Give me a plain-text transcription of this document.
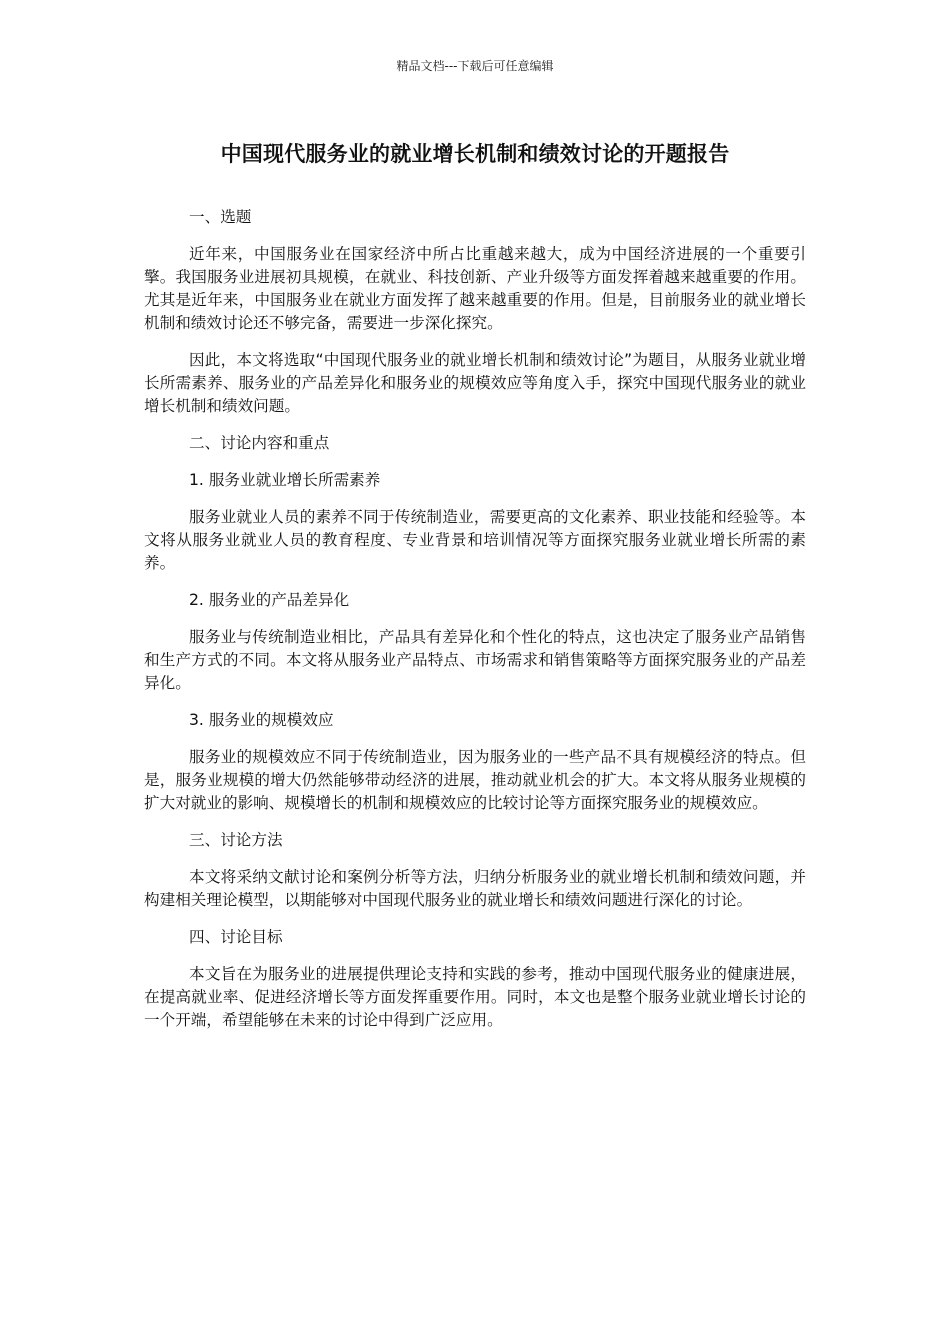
精品文档---下载后可任意编辑
中国现代服务业的就业增长机制和绩效讨论的开题报告

一、选题

近年来，中国服务业在国家经济中所占比重越来越大，成为中国经济进展的一个重要引擎。我国服务业进展初具规模，在就业、科技创新、产业升级等方面发挥着越来越重要的作用。尤其是近年来，中国服务业在就业方面发挥了越来越重要的作用。但是，目前服务业的就业增长机制和绩效讨论还不够完备，需要进一步深化探究。

因此，本文将选取“中国现代服务业的就业增长机制和绩效讨论”为题目，从服务业就业增长所需素养、服务业的产品差异化和服务业的规模效应等角度入手，探究中国现代服务业的就业增长机制和绩效问题。

二、讨论内容和重点

1. 服务业就业增长所需素养

服务业就业人员的素养不同于传统制造业，需要更高的文化素养、职业技能和经验等。本文将从服务业就业人员的教育程度、专业背景和培训情况等方面探究服务业就业增长所需的素养。

2. 服务业的产品差异化

服务业与传统制造业相比，产品具有差异化和个性化的特点，这也决定了服务业产品销售和生产方式的不同。本文将从服务业产品特点、市场需求和销售策略等方面探究服务业的产品差异化。

3. 服务业的规模效应

服务业的规模效应不同于传统制造业，因为服务业的一些产品不具有规模经济的特点。但是，服务业规模的增大仍然能够带动经济的进展，推动就业机会的扩大。本文将从服务业规模的扩大对就业的影响、规模增长的机制和规模效应的比较讨论等方面探究服务业的规模效应。

三、讨论方法

本文将采纳文献讨论和案例分析等方法，归纳分析服务业的就业增长机制和绩效问题，并构建相关理论模型，以期能够对中国现代服务业的就业增长和绩效问题进行深化的讨论。

四、讨论目标

本文旨在为服务业的进展提供理论支持和实践的参考，推动中国现代服务业的健康进展，在提高就业率、促进经济增长等方面发挥重要作用。同时，本文也是整个服务业就业增长讨论的一个开端，希望能够在未来的讨论中得到广泛应用。
